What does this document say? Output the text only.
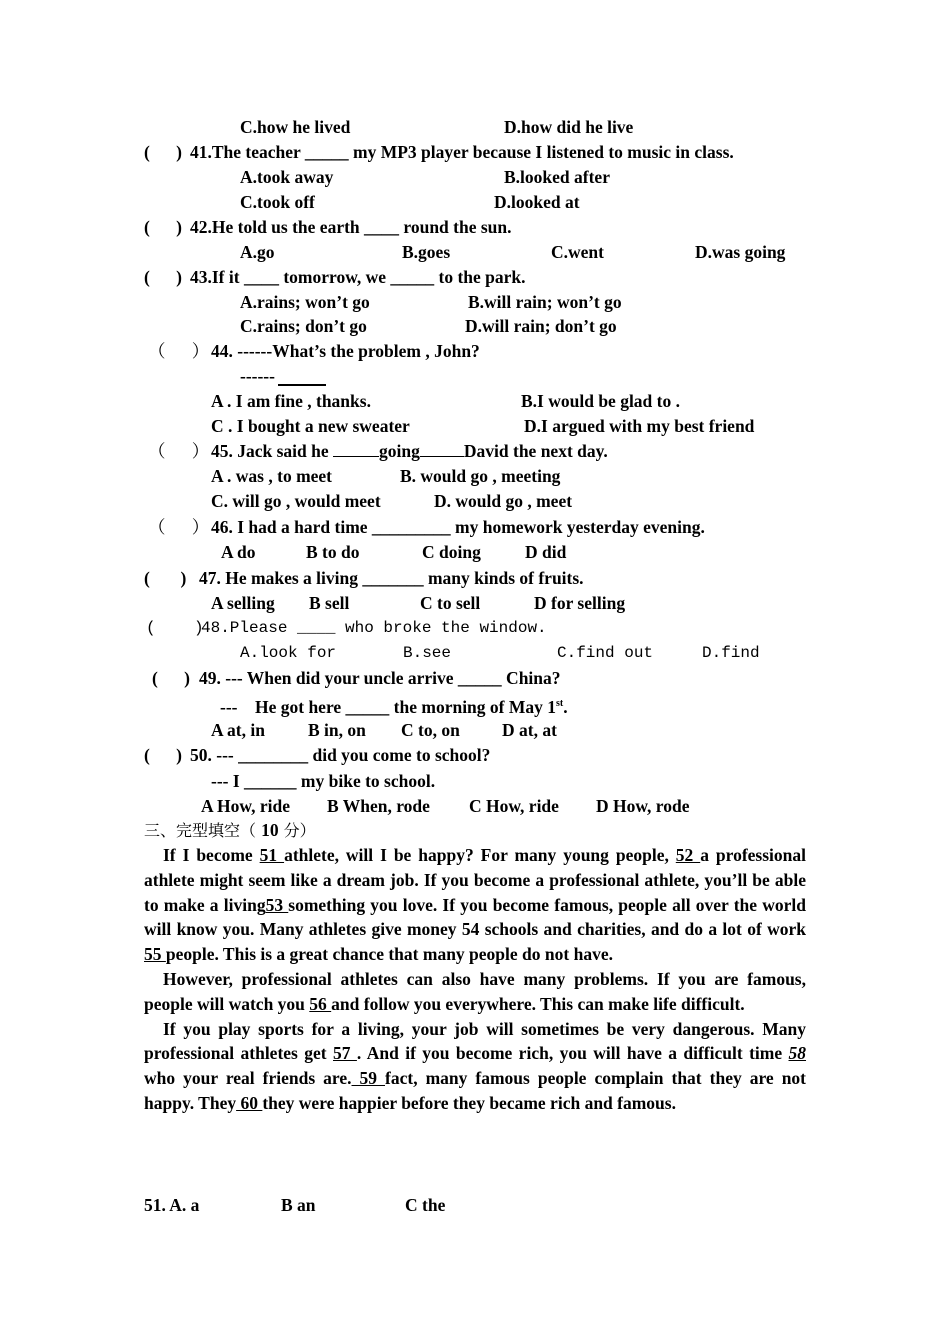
C.how he lived	D.how did he live
(      ) 41.The teacher _____ my MP3 player because I listened to music in class.
A.took away	B.looked after
C.took off	D.looked at
(      ) 42.He told us the earth ____ round the sun.
A.go	B.goes	C.went	D.was going
(      ) 43.If it ____ tomorrow, we _____ to the park.
A.rains; won’t go	B.will rain; won’t go
C.rains; don’t go	D.will rain; don’t go
（      ） 44. ------What’s the problem , John?
------
A . I am fine , thanks.	B.I would be glad to .
C . I bought a new sweater	D.I argued with my best friend
（      ） 45. Jack said he	going	David the next day.
A . was , to meet	B. would go , meeting
C. will go , would meet	D. would go , meet
（      ） 46. I had a hard time _________ my homework yesterday evening.
A do	B to do	C doing	D did
(       ) 47. He makes a living _______ many kinds of fruits.
A selling B sell	C to sell	D for selling
(    )
48.Please ____ who broke the window.
A.look for	B.see	C.find out	D.find
(      ) 49. --- When did your uncle arrive _____ China?
---    He got here _____ the morning of May 1st.
A at, in B in, on C to, on D at, at
(      ) 50. --- ________ did you come to school?
--- I ______ my bike to school.
A How, ride B When, rode C How, ride D How, rode
三、完型填空（ 10 分）

If I become 51 athlete, will I be happy? For many young people, 52 a professional athlete might seem like a dream job. If you become a professional athlete, you’ll be able to make a living53 something you love. If you become famous, people all over the world will know you. Many athletes give money 54 schools and charities, and do a lot of work 55 people. This is a great chance that many people do not have.

However, professional athletes can also have many problems. If you are famous, people will watch you 56 and follow you everywhere. This can make life difficult.

If you play sports for a living, your job will sometimes be very dangerous. Many professional athletes get 57 . And if you become rich, you will have a difficult time 58 who your real friends are. 59 fact, many famous people complain that they are not happy. They 60 they were happier before they became rich and famous.

51. A. a	B an	C the
